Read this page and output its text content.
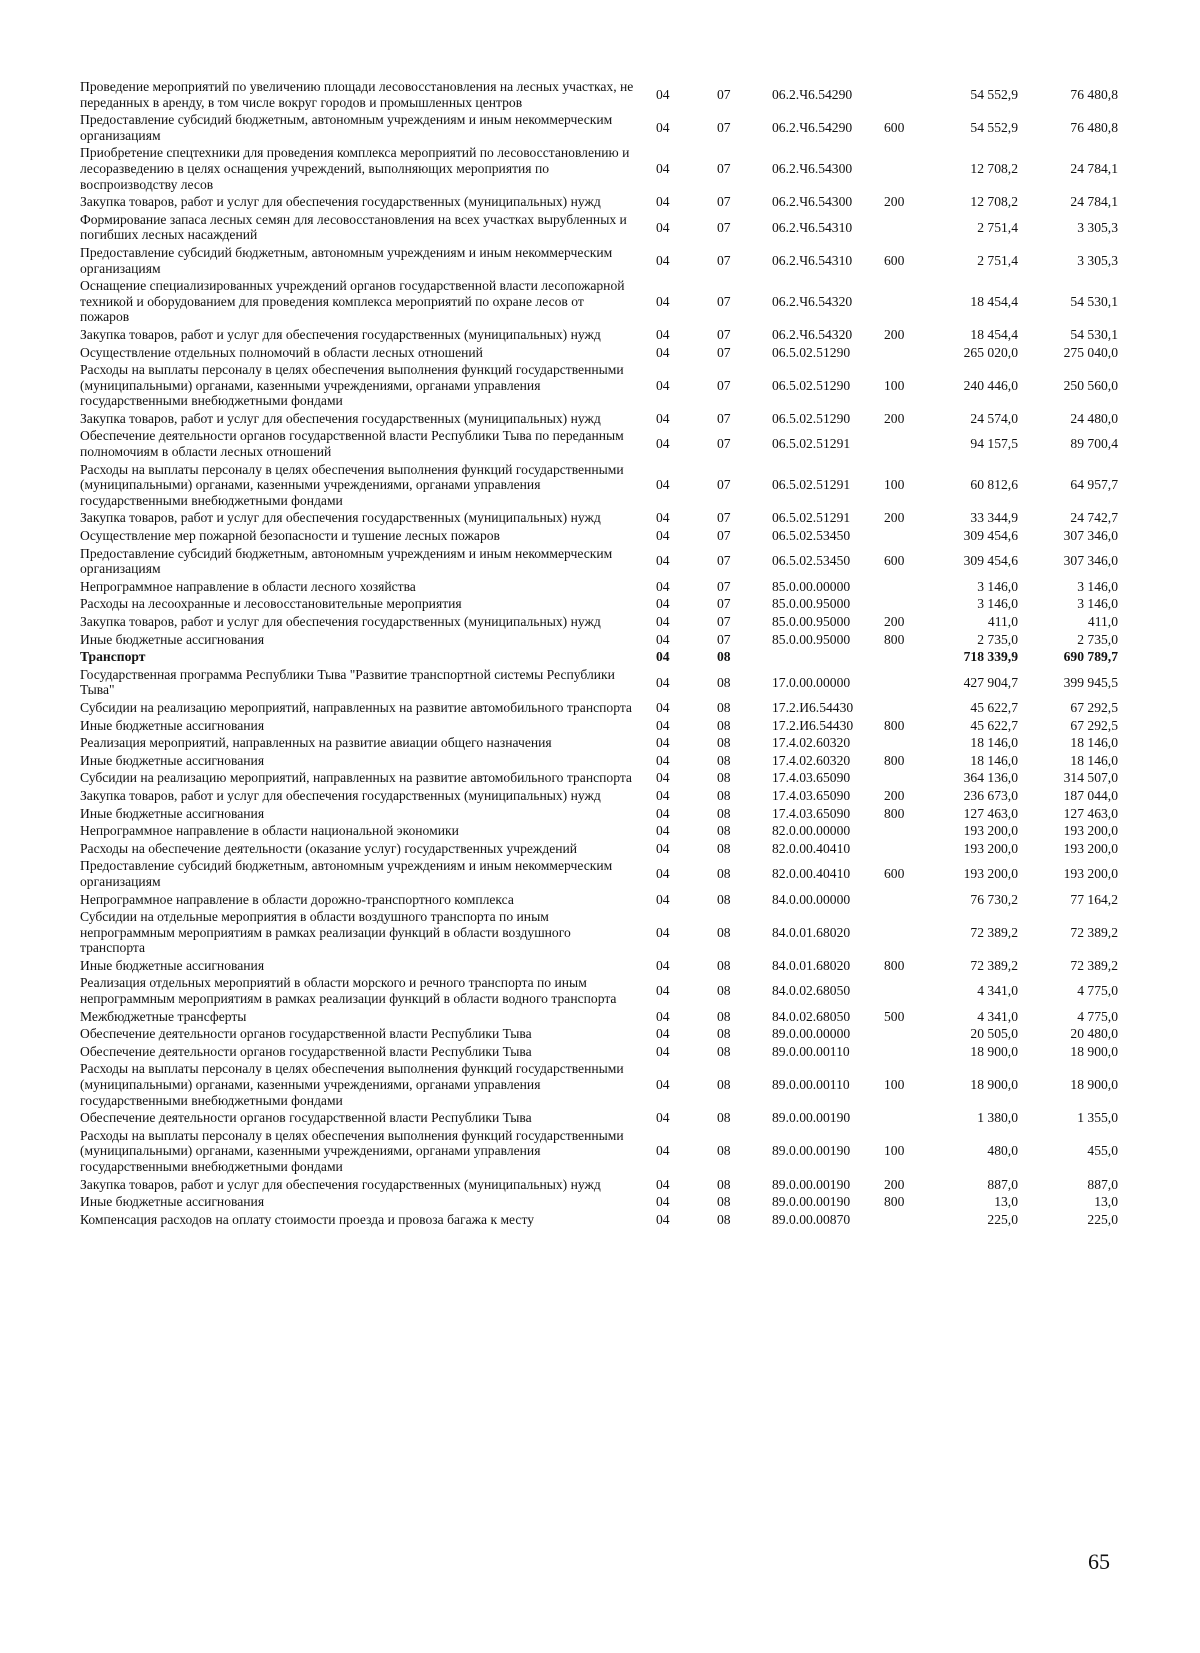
Проведение мероприятий по увеличению площади лесовосстановления на лесных участках, не переданных в аренду, в том числе вокруг городов и промышленных центров	04	07	06.2.Ч6.54290		54 552,9	76 480,8
Предоставление субсидий бюджетным, автономным учреждениям и иным некоммерческим организациям	04	07	06.2.Ч6.54290	600	54 552,9	76 480,8
Приобретение спецтехники для проведения комплекса мероприятий по лесовосстановлению и лесоразведению в целях оснащения учреждений, выполняющих мероприятия по воспроизводству лесов	04	07	06.2.Ч6.54300		12 708,2	24 784,1
Закупка товаров, работ и услуг для обеспечения государственных (муниципальных) нужд	04	07	06.2.Ч6.54300	200	12 708,2	24 784,1
Формирование запаса лесных семян для лесовосстановления на всех участках вырубленных и погибших лесных насаждений	04	07	06.2.Ч6.54310		2 751,4	3 305,3
Предоставление субсидий бюджетным, автономным учреждениям и иным некоммерческим организациям	04	07	06.2.Ч6.54310	600	2 751,4	3 305,3
Оснащение специализированных учреждений органов государственной власти лесопожарной техникой и оборудованием для проведения комплекса мероприятий по охране лесов от пожаров	04	07	06.2.Ч6.54320		18 454,4	54 530,1
Закупка товаров, работ и услуг для обеспечения государственных (муниципальных) нужд	04	07	06.2.Ч6.54320	200	18 454,4	54 530,1
Осуществление отдельных полномочий в области лесных отношений	04	07	06.5.02.51290		265 020,0	275 040,0
Расходы на выплаты персоналу в целях обеспечения выполнения функций государственными (муниципальными) органами, казенными учреждениями, органами управления государственными внебюджетными фондами	04	07	06.5.02.51290	100	240 446,0	250 560,0
Закупка товаров, работ и услуг для обеспечения государственных (муниципальных) нужд	04	07	06.5.02.51290	200	24 574,0	24 480,0
Обеспечение деятельности органов государственной власти Республики Тыва по переданным полномочиям в области лесных отношений	04	07	06.5.02.51291		94 157,5	89 700,4
Расходы на выплаты персоналу в целях обеспечения выполнения функций государственными (муниципальными) органами, казенными учреждениями, органами управления государственными внебюджетными фондами	04	07	06.5.02.51291	100	60 812,6	64 957,7
Закупка товаров, работ и услуг для обеспечения государственных (муниципальных) нужд	04	07	06.5.02.51291	200	33 344,9	24 742,7
Осуществление мер пожарной безопасности и тушение лесных пожаров	04	07	06.5.02.53450		309 454,6	307 346,0
Предоставление субсидий бюджетным, автономным учреждениям и иным некоммерческим организациям	04	07	06.5.02.53450	600	309 454,6	307 346,0
Непрограммное направление в области лесного хозяйства	04	07	85.0.00.00000		3 146,0	3 146,0
Расходы на лесоохранные и лесовосстановительные мероприятия	04	07	85.0.00.95000		3 146,0	3 146,0
Закупка товаров, работ и услуг для обеспечения государственных (муниципальных) нужд	04	07	85.0.00.95000	200	411,0	411,0
Иные бюджетные ассигнования	04	07	85.0.00.95000	800	2 735,0	2 735,0
Транспорт	04	08			718 339,9	690 789,7
Государственная программа Республики Тыва "Развитие транспортной системы Республики Тыва"	04	08	17.0.00.00000		427 904,7	399 945,5
Субсидии на реализацию мероприятий, направленных на развитие автомобильного транспорта	04	08	17.2.И6.54430		45 622,7	67 292,5
Иные бюджетные ассигнования	04	08	17.2.И6.54430	800	45 622,7	67 292,5
Реализация мероприятий, направленных на развитие авиации общего назначения	04	08	17.4.02.60320		18 146,0	18 146,0
Иные бюджетные ассигнования	04	08	17.4.02.60320	800	18 146,0	18 146,0
Субсидии на реализацию мероприятий, направленных на развитие автомобильного транспорта	04	08	17.4.03.65090		364 136,0	314 507,0
Закупка товаров, работ и услуг для обеспечения государственных (муниципальных) нужд	04	08	17.4.03.65090	200	236 673,0	187 044,0
Иные бюджетные ассигнования	04	08	17.4.03.65090	800	127 463,0	127 463,0
Непрограммное направление в области национальной экономики	04	08	82.0.00.00000		193 200,0	193 200,0
Расходы на обеспечение деятельности (оказание услуг) государственных учреждений	04	08	82.0.00.40410		193 200,0	193 200,0
Предоставление субсидий бюджетным, автономным учреждениям и иным некоммерческим организациям	04	08	82.0.00.40410	600	193 200,0	193 200,0
Непрограммное направление в области дорожно-транспортного комплекса	04	08	84.0.00.00000		76 730,2	77 164,2
Субсидии на отдельные мероприятия в области воздушного транспорта по иным непрограммным мероприятиям в рамках реализации функций в области воздушного транспорта	04	08	84.0.01.68020		72 389,2	72 389,2
Иные бюджетные ассигнования	04	08	84.0.01.68020	800	72 389,2	72 389,2
Реализация отдельных мероприятий в области морского и речного транспорта по иным непрограммным мероприятиям в рамках реализации функций в области водного транспорта	04	08	84.0.02.68050		4 341,0	4 775,0
Межбюджетные трансферты	04	08	84.0.02.68050	500	4 341,0	4 775,0
Обеспечение деятельности органов государственной власти Республики Тыва	04	08	89.0.00.00000		20 505,0	20 480,0
Обеспечение деятельности органов государственной власти Республики Тыва	04	08	89.0.00.00110		18 900,0	18 900,0
Расходы на выплаты персоналу в целях обеспечения выполнения функций государственными (муниципальными) органами, казенными учреждениями, органами управления государственными внебюджетными фондами	04	08	89.0.00.00110	100	18 900,0	18 900,0
Обеспечение деятельности органов государственной власти Республики Тыва	04	08	89.0.00.00190		1 380,0	1 355,0
Расходы на выплаты персоналу в целях обеспечения выполнения функций государственными (муниципальными) органами, казенными учреждениями, органами управления государственными внебюджетными фондами	04	08	89.0.00.00190	100	480,0	455,0
Закупка товаров, работ и услуг для обеспечения государственных (муниципальных) нужд	04	08	89.0.00.00190	200	887,0	887,0
Иные бюджетные ассигнования	04	08	89.0.00.00190	800	13,0	13,0
Компенсация расходов на оплату стоимости проезда и провоза багажа к месту	04	08	89.0.00.00870		225,0	225,0
65
